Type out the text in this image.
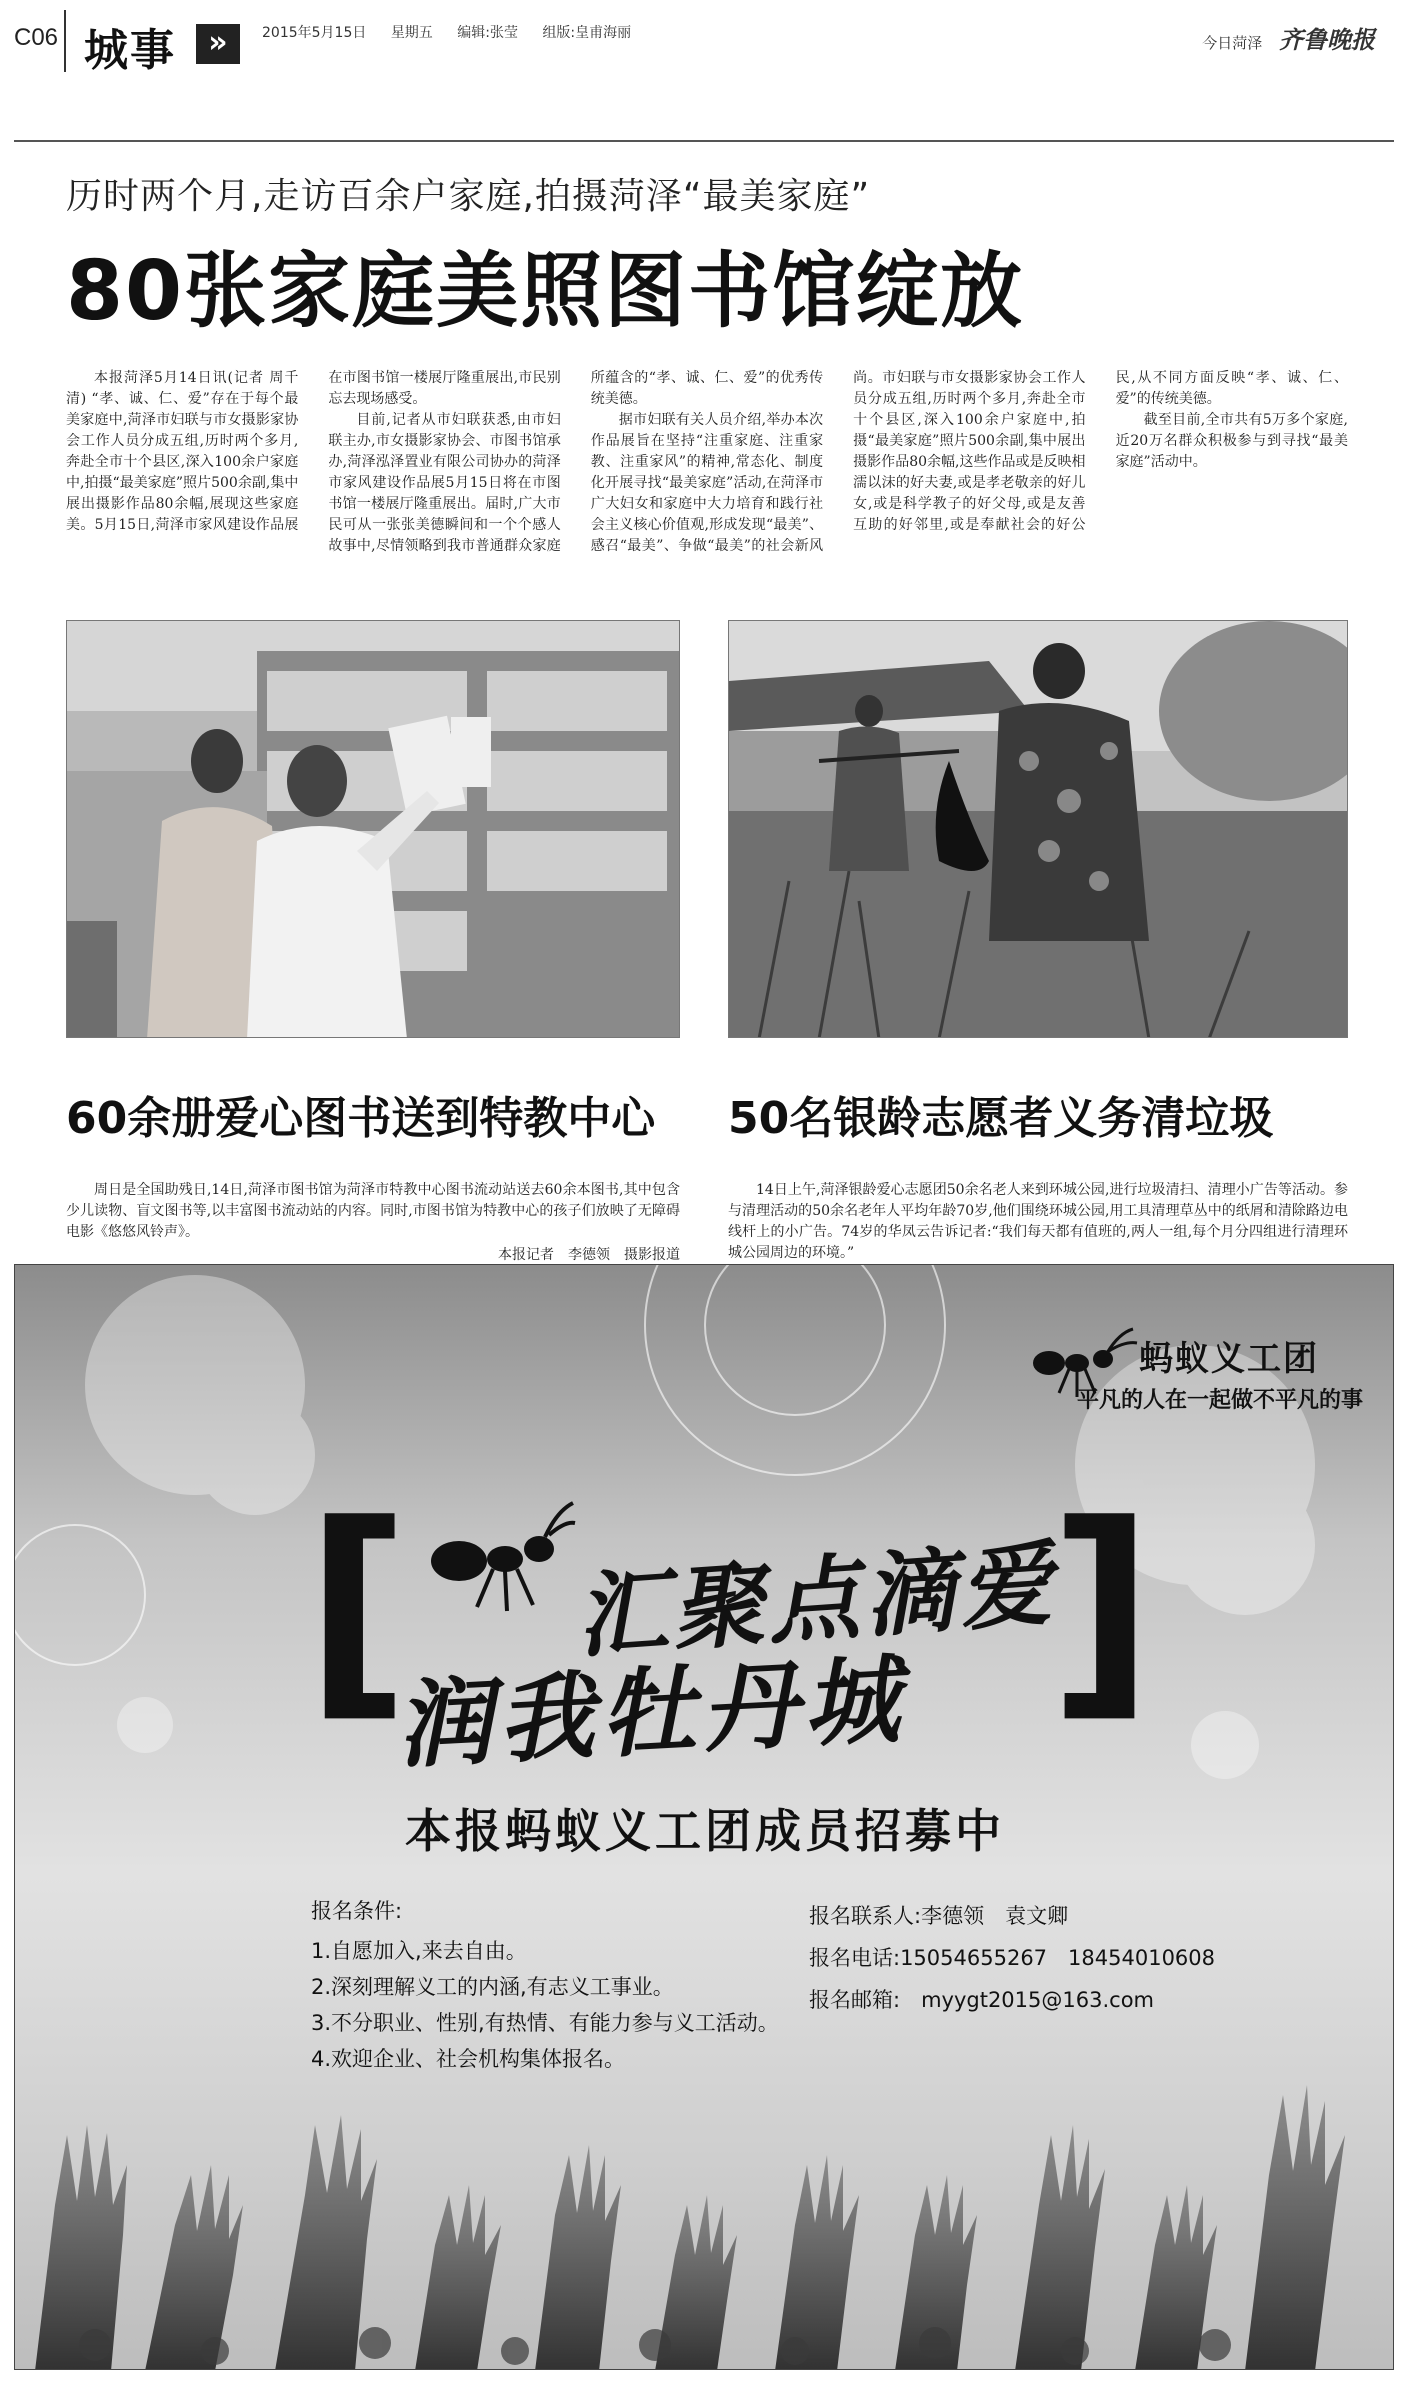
C06 城事	»	2015年5月15日 星期五 编辑:张莹 组版:皇甫海丽
今日菏泽 齐鲁晚报
历时两个月,走访百余户家庭,拍摄菏泽“最美家庭”
80张家庭美照图书馆绽放

本报菏泽5月14日讯(记者 周千清) “孝、诚、仁、爱”存在于每个最美家庭中,菏泽市妇联与市女摄影家协会工作人员分成五组,历时两个多月,奔赴全市十个县区,深入100余户家庭中,拍摄“最美家庭”照片500余副,集中展出摄影作品80余幅,展现这些家庭美。5月15日,菏泽市家风建设作品展在市图书馆一楼展厅隆重展出,市民别忘去现场感受。

目前,记者从市妇联获悉,由市妇联主办,市女摄影家协会、市图书馆承办,菏泽泓泽置业有限公司协办的菏泽市家风建设作品展5月15日将在市图书馆一楼展厅隆重展出。届时,广大市民可从一张张美德瞬间和一个个感人故事中,尽情领略到我市普通群众家庭所蕴含的“孝、诚、仁、爱”的优秀传统美德。

据市妇联有关人员介绍,举办本次作品展旨在坚持“注重家庭、注重家教、注重家风”的精神,常态化、制度化开展寻找“最美家庭”活动,在菏泽市广大妇女和家庭中大力培育和践行社会主义核心价值观,形成发现“最美”、感召“最美”、争做“最美”的社会新风尚。市妇联与市女摄影家协会工作人员分成五组,历时两个多月,奔赴全市十个县区,深入100余户家庭中,拍摄“最美家庭”照片500余副,集中展出摄影作品80余幅,这些作品或是反映相濡以沫的好夫妻,或是孝老敬亲的好儿女,或是科学教子的好父母,或是友善互助的好邻里,或是奉献社会的好公民,从不同方面反映“孝、诚、仁、爱”的传统美德。

截至目前,全市共有5万多个家庭,近20万名群众积极参与到寻找“最美家庭”活动中。

60余册爱心图书送到特教中心 50名银龄志愿者义务清垃圾

周日是全国助残日,14日,菏泽市图书馆为菏泽市特教中心图书流动站送去60余本图书,其中包含少儿读物、盲文图书等,以丰富图书流动站的内容。同时,市图书馆为特教中心的孩子们放映了无障碍电影《悠悠风铃声》。

本报记者　李德领　摄影报道

14日上午,菏泽银龄爱心志愿团50余名老人来到环城公园,进行垃圾清扫、清理小广告等活动。参与清理活动的50余名老年人平均年龄70岁,他们围绕环城公园,用工具清理草丛中的纸屑和清除路边电线杆上的小广告。74岁的华凤云告诉记者:“我们每天都有值班的,两人一组,每个月分四组进行清理环城公园周边的环境。”

蚂蚁义工团
平凡的人在一起做不平凡的事
[	]
汇聚点滴爱
润我牡丹城
本报蚂蚁义工团成员招募中
报名条件:
1.自愿加入,来去自由。
2.深刻理解义工的内涵,有志义工事业。
3.不分职业、性别,有热情、有能力参与义工活动。
4.欢迎企业、社会机构集体报名。
报名联系人:李德领　袁文卿
报名电话:15054655267　18454010608
报名邮箱:　myygt2015@163.com
